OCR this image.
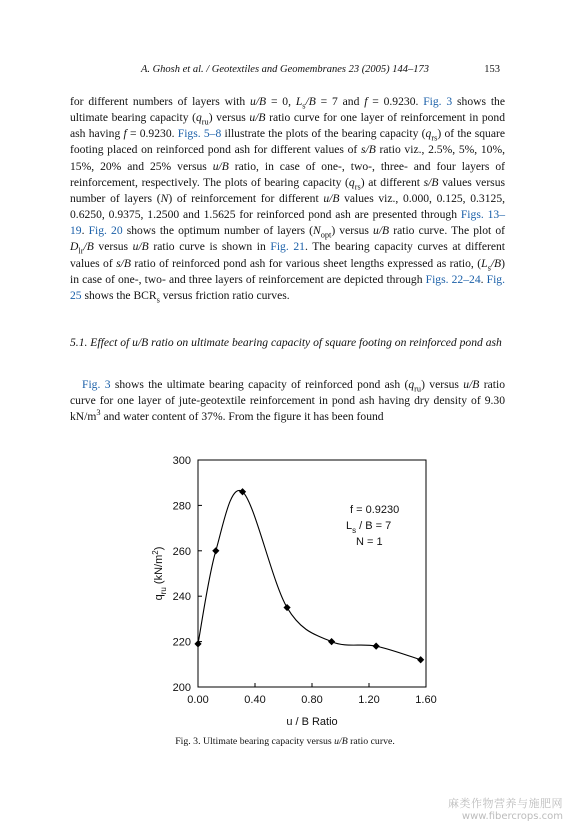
A. Ghosh et al. / Geotextiles and Geomembranes 23 (2005) 144–173	153

for different numbers of layers with u/B = 0, $L_s/B = 7$ and f = 0.9230. Fig. 3 shows the ultimate bearing capacity $(q_{ru})$ versus u/B ratio curve for one layer of reinforcement in pond ash having f = 0.9230. Figs. 5–8 illustrate the plots of the bearing capacity $(q_{rs})$ of the square footing placed on reinforced pond ash for different values of s/B ratio viz., 2.5%, 5%, 10%, 15%, 20% and 25% versus u/B ratio, in case of one-, two-, three- and four layers of reinforcement, respectively. The plots of bearing capacity $(q_{rs})$ at different s/B values versus number of layers (N) of reinforcement for different u/B values viz., 0.000, 0.125, 0.3125, 0.6250, 0.9375, 1.2500 and 1.5625 for reinforced pond ash are presented through Figs. 13–19. Fig. 20 shows the optimum number of layers $(N_{opt})$ versus u/B ratio curve. The plot of $D_{lr}/B$ versus u/B ratio curve is shown in Fig. 21. The bearing capacity curves at different values of s/B ratio of reinforced pond ash for various sheet lengths expressed as ratio, $(L_s/B)$ in case of one-, two- and three layers of reinforcement are depicted through Figs. 22–24. Fig. 25 shows the $BCR_s$ versus friction ratio curves.

5.1. Effect of u/B ratio on ultimate bearing capacity of square footing on reinforced pond ash

Fig. 3 shows the ultimate bearing capacity of reinforced pond ash $(q_{ru})$ versus u/B ratio curve for one layer of jute-geotextile reinforcement in pond ash having dry density of 9.30 $kN/m^3$ and water content of 37%. From the figure it has been found

0.00	0.40	0.80	1.20	1.60
200
220
240
260
280
300
u / B Ratio
$q_{ru}$ $(kN/m^2)$
f = 0.9230
$L_s / B = 7$
N = 1
Fig. 3. Ultimate bearing capacity versus u/B ratio curve.
麻类作物营养与施肥网
www.fibercrops.com
